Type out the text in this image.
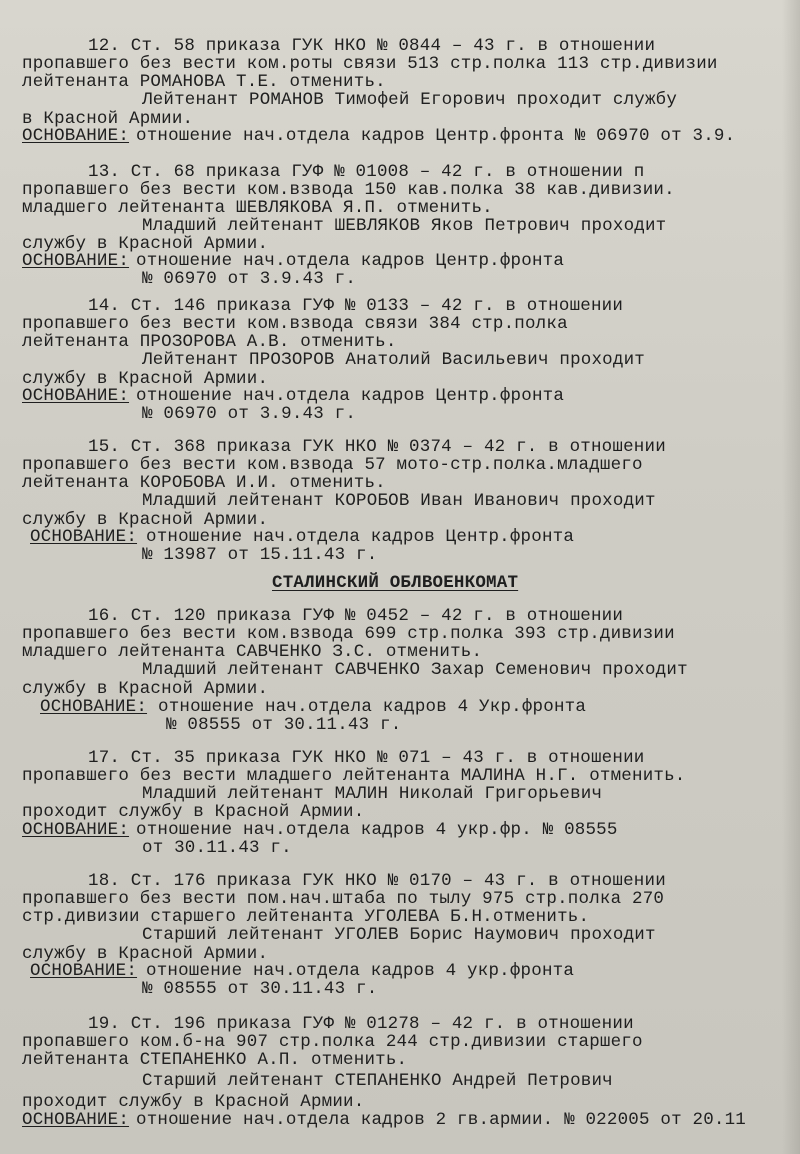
12. Ст. 58 приказа ГУК НКО № 0844 – 43 г. в отношении
пропавшего без вести ком.роты связи 513 стр.полка 113 стр.дивизии
лейтенанта РОМАНОВА Т.Е. отменить.
Лейтенант РОМАНОВ Тимофей Егорович проходит службу
в Красной Армии.
ОСНОВАНИЕ: отношение нач.отдела кадров Центр.фронта № 06970 от 3.9.
13. Ст. 68 приказа ГУФ № 01008 – 42 г. в отношении п
пропавшего без вести ком.взвода 150 кав.полка 38 кав.дивизии.
младшего лейтенанта ШЕВЛЯКОВА Я.П. отменить.
Младший лейтенант ШЕВЛЯКОВ Яков Петрович проходит
службу в Красной Армии.
ОСНОВАНИЕ: отношение нач.отдела кадров Центр.фронта
№ 06970 от 3.9.43 г.
14. Ст. 146 приказа ГУФ № 0133 – 42 г. в отношении
пропавшего без вести ком.взвода связи 384 стр.полка
лейтенанта ПРОЗОРОВА А.В. отменить.
Лейтенант ПРОЗОРОВ Анатолий Васильевич проходит
службу в Красной Армии.
ОСНОВАНИЕ: отношение нач.отдела кадров Центр.фронта
№ 06970 от 3.9.43 г.
15. Ст. 368 приказа ГУК НКО № 0374 – 42 г. в отношении
пропавшего без вести ком.взвода 57 мото-стр.полка.младшего
лейтенанта КОРОБОВА И.И. отменить.
Младший лейтенант КОРОБОВ Иван Иванович проходит
службу в Красной Армии.
ОСНОВАНИЕ: отношение нач.отдела кадров Центр.фронта
№ 13987 от 15.11.43 г.
СТАЛИНСКИЙ ОБЛВОЕНКОМАТ
16. Ст. 120 приказа ГУФ № 0452 – 42 г. в отношении
пропавшего без вести ком.взвода 699 стр.полка 393 стр.дивизии
младшего лейтенанта САВЧЕНКО З.С. отменить.
Младший лейтенант САВЧЕНКО Захар Семенович проходит
службу в Красной Армии.
ОСНОВАНИЕ: отношение нач.отдела кадров 4 Укр.фронта
№ 08555 от 30.11.43 г.
17. Ст. 35 приказа ГУК НКО № 071 – 43 г. в отношении
пропавшего без вести младшего лейтенанта МАЛИНА Н.Г. отменить.
Младший лейтенант МАЛИН Николай Григорьевич
проходит службу в Красной Армии.
ОСНОВАНИЕ: отношение нач.отдела кадров 4 укр.фр. № 08555
от 30.11.43 г.
18. Ст. 176 приказа ГУК НКО № 0170 – 43 г. в отношении
пропавшего без вести пом.нач.штаба по тылу 975 стр.полка 270
стр.дивизии старшего лейтенанта УГОЛЕВА Б.Н.отменить.
Старший лейтенант УГОЛЕВ Борис Наумович проходит
службу в Красной Армии.
ОСНОВАНИЕ: отношение нач.отдела кадров 4 укр.фронта
№ 08555 от 30.11.43 г.
19. Ст. 196 приказа ГУФ № 01278 – 42 г. в отношении
пропавшего ком.б-на 907 стр.полка 244 стр.дивизии старшего
лейтенанта СТЕПАНЕНКО А.П. отменить.
Старший лейтенант СТЕПАНЕНКО Андрей Петрович
проходит службу в Красной Армии.
ОСНОВАНИЕ: отношение нач.отдела кадров 2 гв.армии. № 022005 от 20.11
